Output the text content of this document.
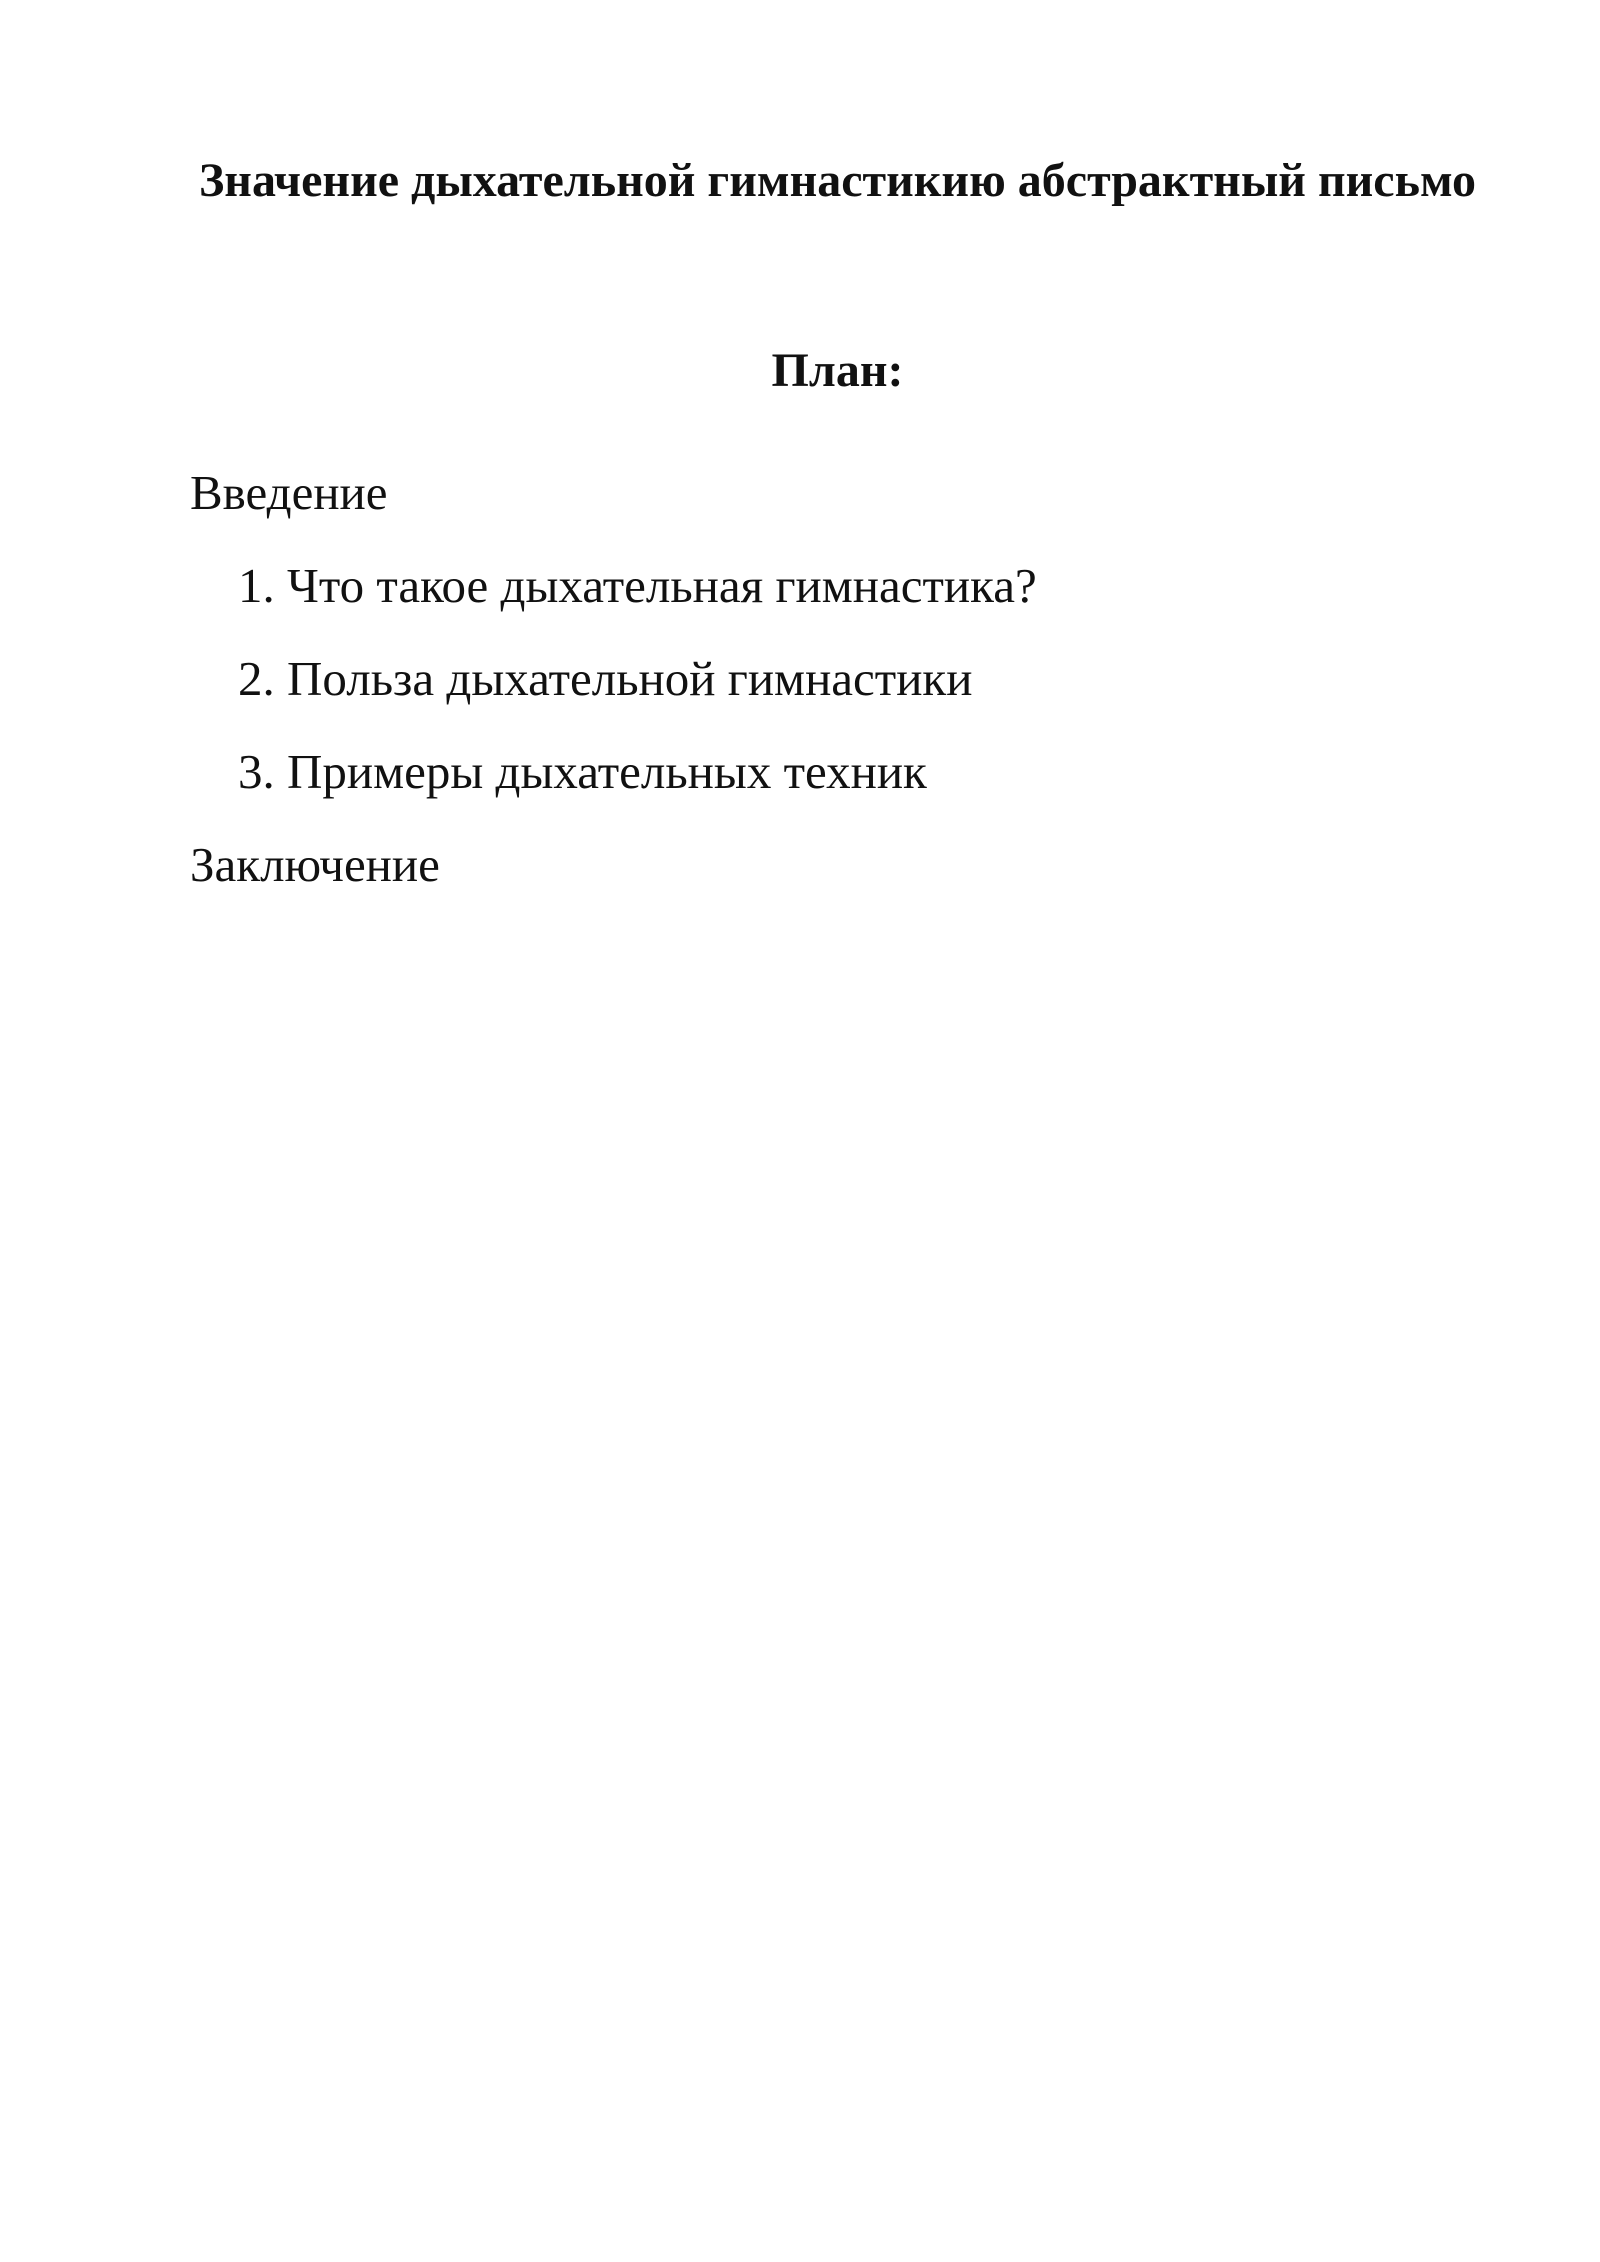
Значение дыхательной гимнастикию абстрактный письмо
План:

Введение

1. Что такое дыхательная гимнастика?
2. Польза дыхательной гимнастики
3. Примеры дыхательных техник

Заключение
